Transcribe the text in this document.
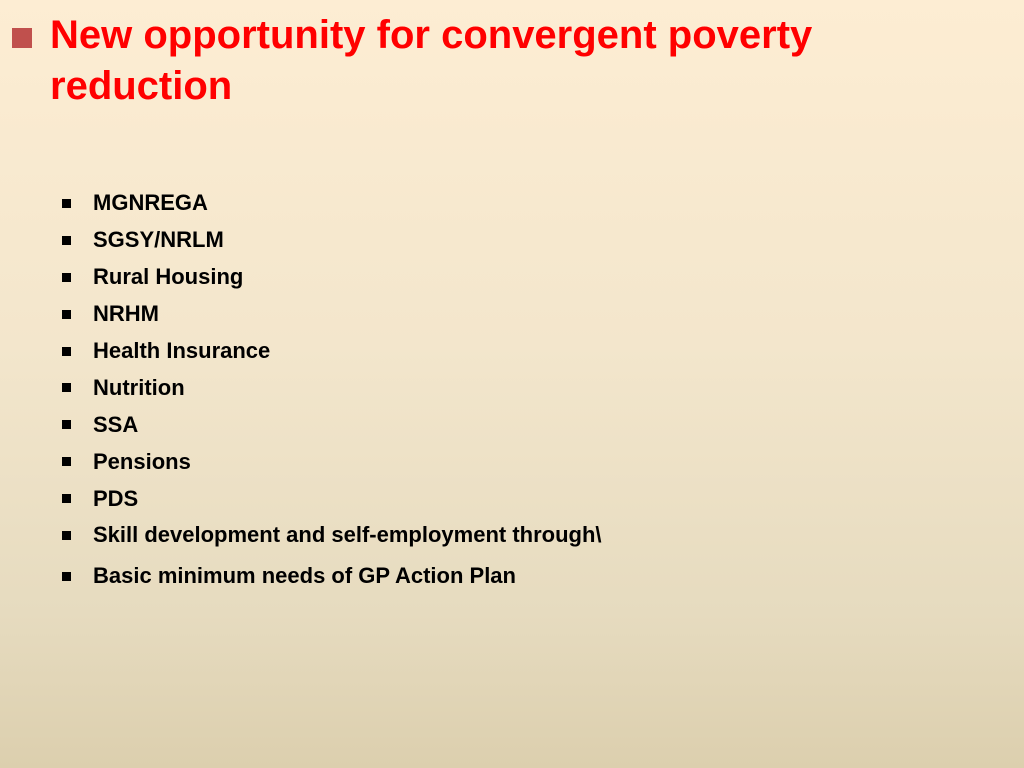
New opportunity for convergent poverty reduction
MGNREGA
SGSY/NRLM
Rural Housing
NRHM
Health Insurance
Nutrition
SSA
Pensions
PDS
Skill development and self-employment through\
Basic minimum needs of GP Action Plan
